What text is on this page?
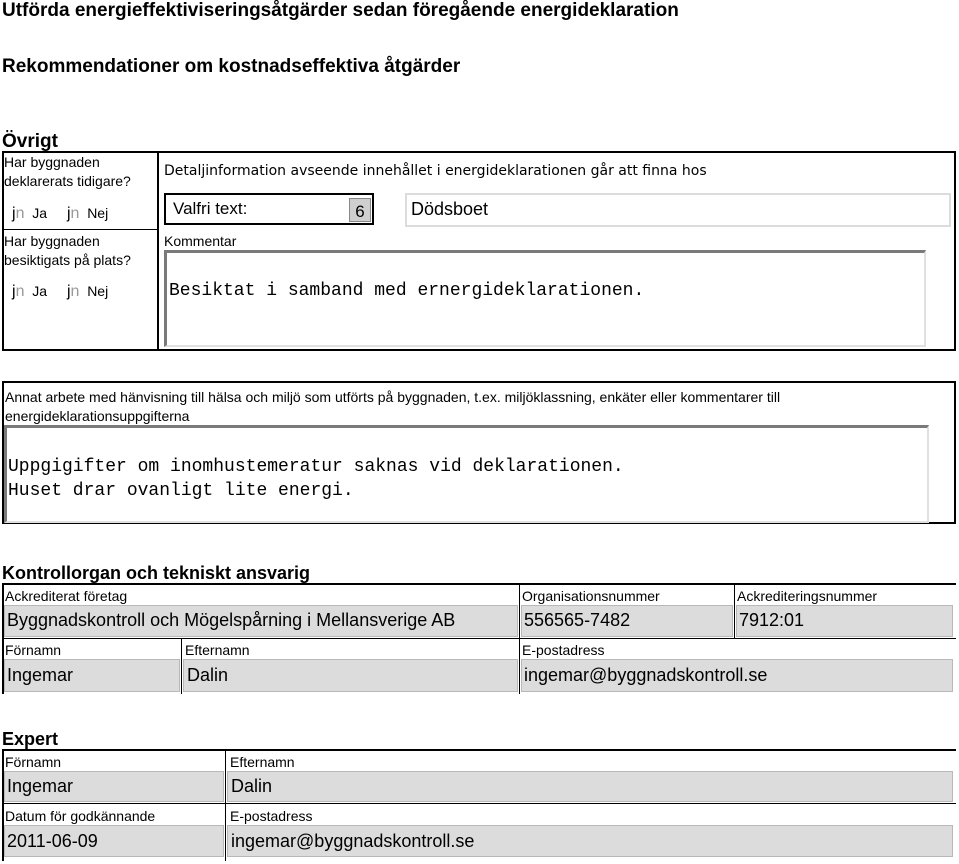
Utförda energieffektiviseringsåtgärder sedan föregående energideklaration
Rekommendationer om kostnadseffektiva åtgärder
Övrigt
Har byggnaden deklarerats tidigare?
jn Ja jn Nej
Har byggnaden besiktigats på plats?
jn Ja jn Nej
Detaljinformation avseende innehållet i energideklarationen går att finna hos
Valfri text:	6	Dödsboet
Kommentar
Besiktat i samband med ernergideklarationen.
Annat arbete med hänvisning till hälsa och miljö som utförts på byggnaden, t.ex. miljöklassning, enkäter eller kommentarer till
energideklarationsuppgifterna
Uppgigifter om inomhustemeratur saknas vid deklarationen.
Huset drar ovanligt lite energi.
Kontrollorgan och tekniskt ansvarig
Ackrediterat företag
Byggnadskontroll och Mögelspårning i Mellansverige AB
Organisationsnummer
556565-7482
Ackrediteringsnummer
7912:01
Förnamn
Ingemar
Efternamn
Dalin
E-postadress
ingemar@byggnadskontroll.se
Expert
Förnamn
Ingemar
Efternamn
Dalin
Datum för godkännande
2011-06-09
E-postadress
ingemar@byggnadskontroll.se
